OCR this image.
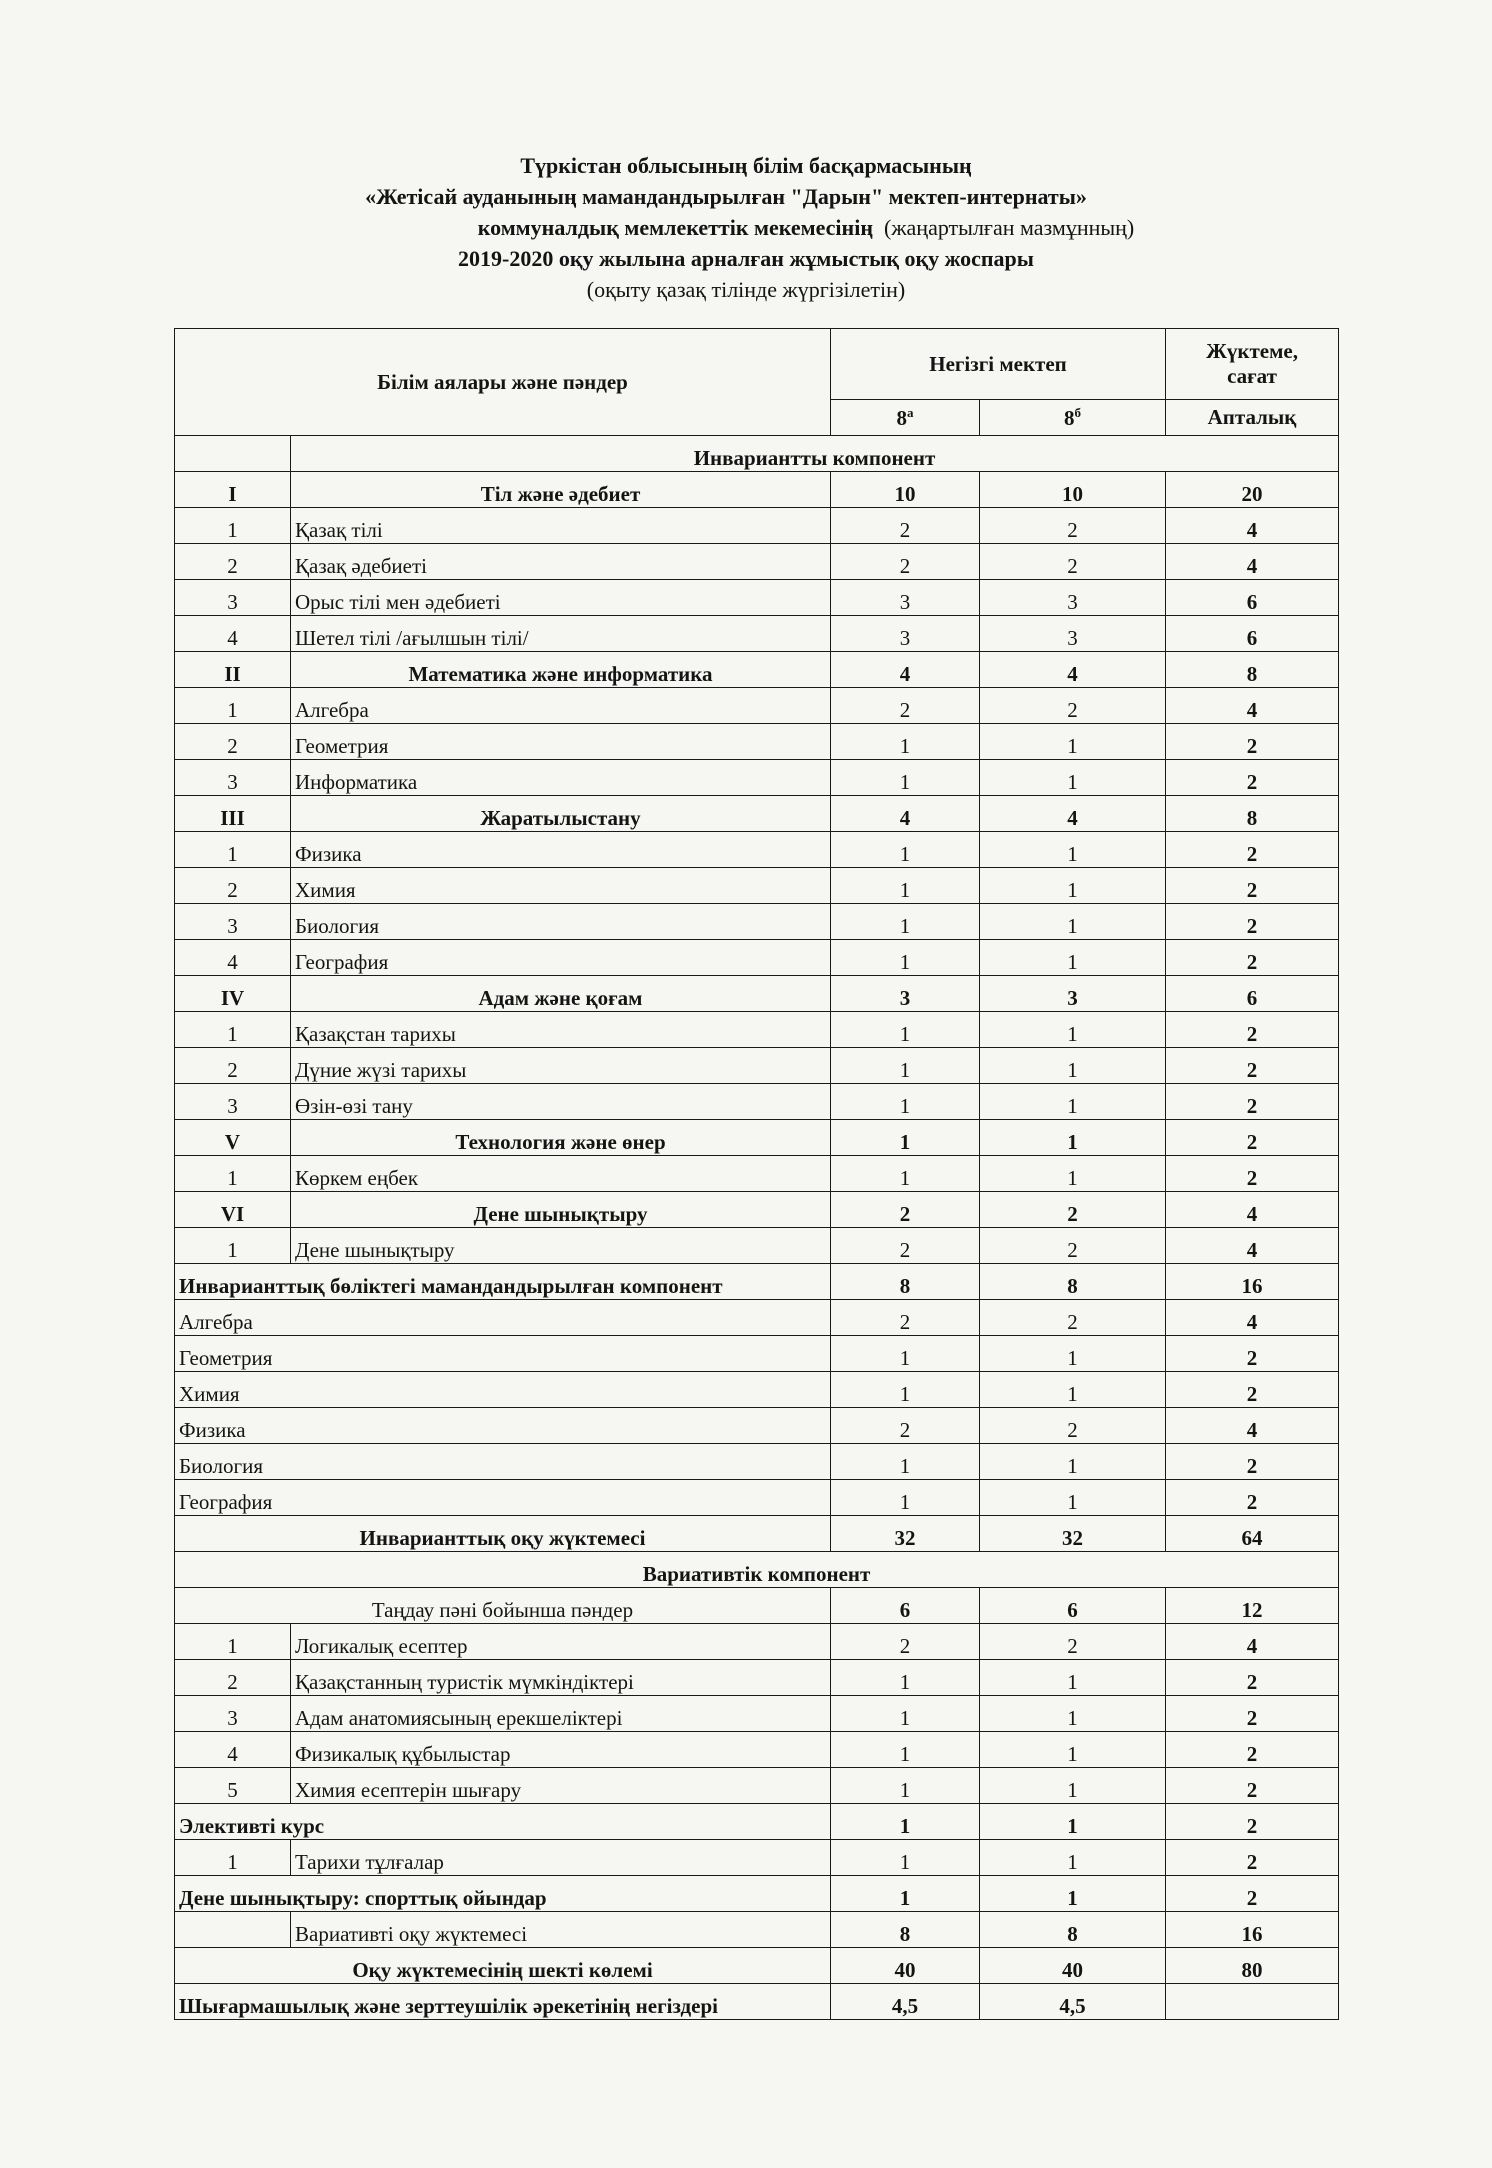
Түркістан облысының білім басқармасының
«Жетісай ауданының мамандандырылған "Дарын" мектеп-интернаты»
коммуналдық мемлекеттік мекемесінің (жаңартылған мазмұнның)
2019-2020 оқу жылына арналған жұмыстық оқу жоспары
(оқыту қазақ тілінде жүргізілетін)
Білім аялары және пәндер		Негізгі мектеп		Жүктеме,
сағат
		$8^а$	$8^б$	Апталық
	Инвариантты компонент			
I	Тіл және әдебиет	10	10	20
1	Қазақ тілі	2	2	4
2	Қазақ әдебиеті	2	2	4
3	Орыс тілі мен әдебиеті	3	3	6
4	Шетел тілі /ағылшын тілі/	3	3	6
II	Математика және информатика	4	4	8
1	Алгебра	2	2	4
2	Геометрия	1	1	2
3	Информатика	1	1	2
III	Жаратылыстану	4	4	8
1	Физика	1	1	2
2	Химия	1	1	2
3	Биология	1	1	2
4	География	1	1	2
IV	Адам және қоғам	3	3	6
1	Қазақстан тарихы	1	1	2
2	Дүние жүзі тарихы	1	1	2
3	Өзін-өзі тану	1	1	2
V	Технология және өнер	1	1	2
1	Көркем еңбек	1	1	2
VI	Дене шынықтыру	2	2	4
1	Дене шынықтыру	2	2	4
Инварианттық бөліктегі мамандандырылған компонент		8	8	16
Алгебра		2	2	4
Геометрия		1	1	2
Химия		1	1	2
Физика		2	2	4
Биология		1	1	2
География		1	1	2
Инварианттық оқу жүктемесі		32	32	64
Вариативтік компонент				
Таңдау пәні бойынша пәндер		6	6	12
1	Логикалық есептер	2	2	4
2	Қазақстанның туристік мүмкіндіктері	1	1	2
3	Адам анатомиясының ерекшеліктері	1	1	2
4	Физикалық құбылыстар	1	1	2
5	Химия есептерін шығару	1	1	2
Элективті курс		1	1	2
1	Тарихи тұлғалар	1	1	2
Дене шынықтыру: спорттық ойындар		1	1	2
	Вариативті оқу жүктемесі	8	8	16
Оқу жүктемесінің шекті көлемі		40	40	80
Шығармашылық және зерттеушілік әрекетінің негіздері		4,5	4,5	
